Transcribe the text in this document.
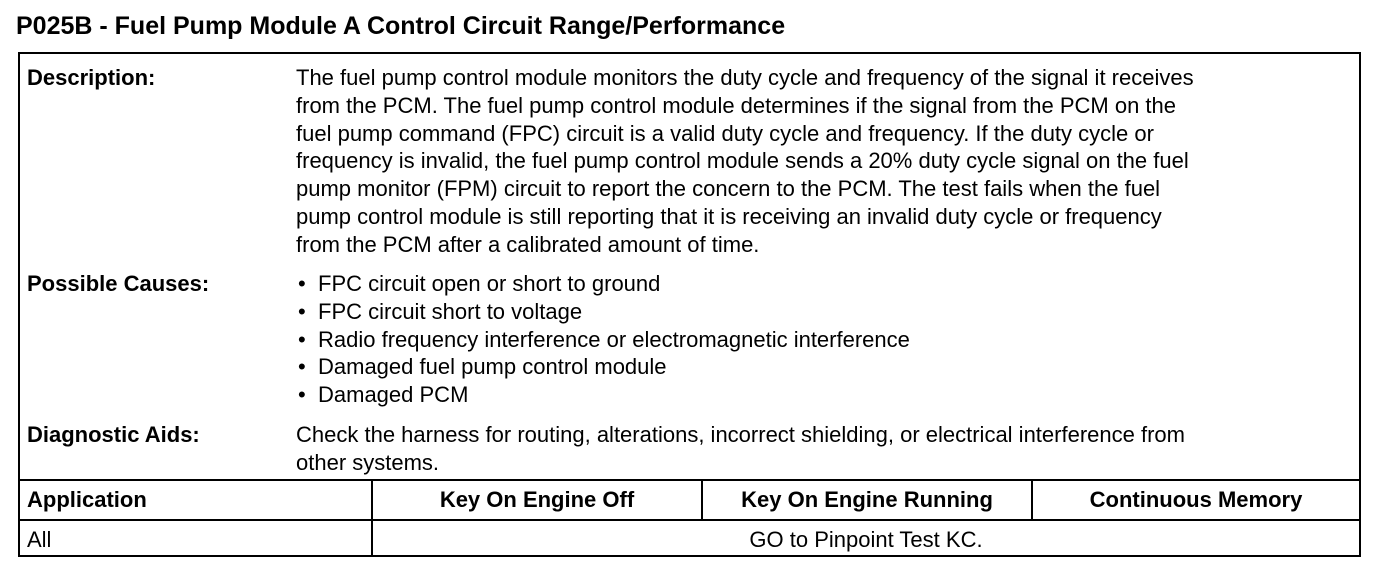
P025B - Fuel Pump Module A Control Circuit Range/Performance
Description:	The fuel pump control module monitors the duty cycle and frequency of the signal it receives

from the PCM. The fuel pump control module determines if the signal from the PCM on the

fuel pump command (FPC) circuit is a valid duty cycle and frequency. If the duty cycle or

frequency is invalid, the fuel pump control module sends a 20% duty cycle signal on the fuel

pump monitor (FPM) circuit to report the concern to the PCM. The test fails when the fuel

pump control module is still reporting that it is receiving an invalid duty cycle or frequency

from the PCM after a calibrated amount of time.

Possible Causes:	• FPC circuit open or short to ground
• FPC circuit short to voltage
• Radio frequency interference or electromagnetic interference
• Damaged fuel pump control module
• Damaged PCM
Diagnostic Aids:	Check the harness for routing, alterations, incorrect shielding, or electrical interference from

other systems.

Application	Key On Engine Off	Key On Engine Running	Continuous Memory
All	GO to Pinpoint Test KC.
